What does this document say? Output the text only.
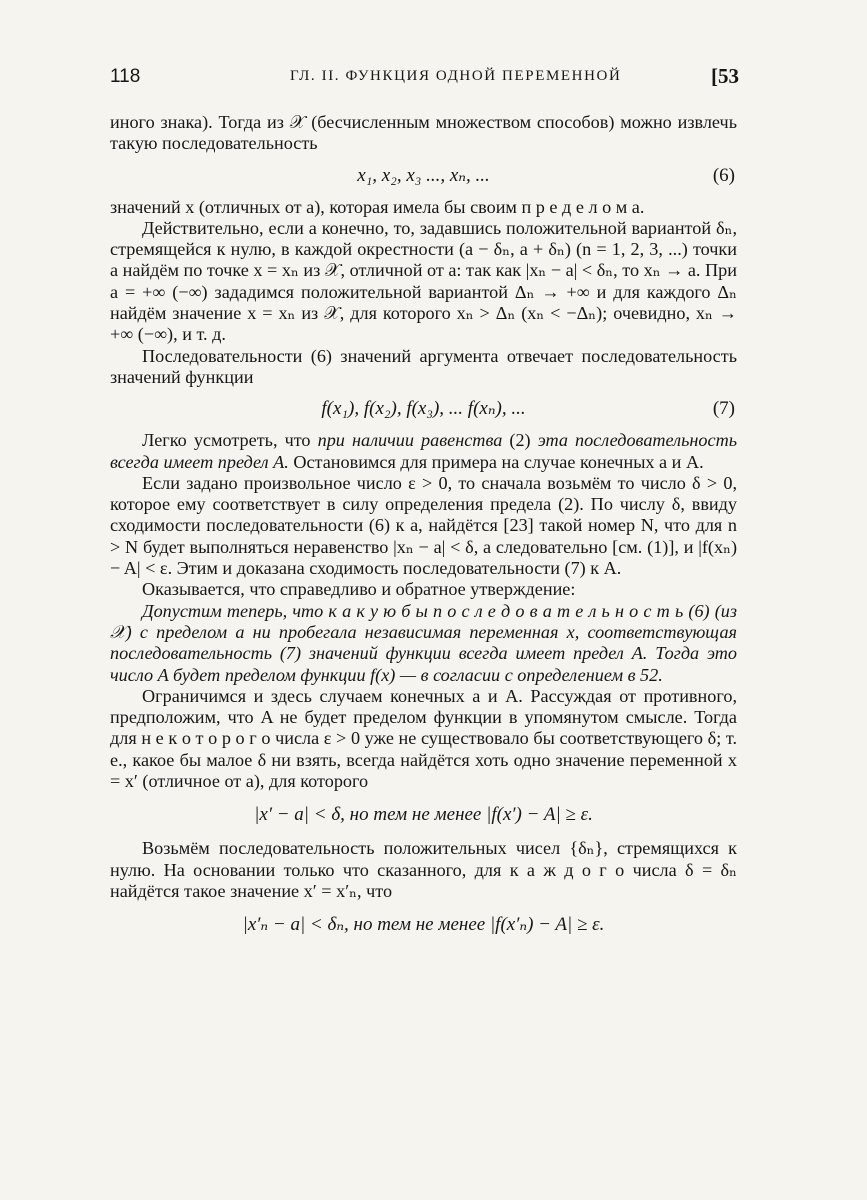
118	ГЛ. II. ФУНКЦИЯ ОДНОЙ ПЕРЕМЕННОЙ	[53

иного знака). Тогда из 𝒳 (бесчисленным множеством способов) можно извлечь такую последовательность

x₁, x₂, x₃ ..., xₙ, ...	(6)

значений x (отличных от a), которая имела бы своим п р е д е л о м a.

Действительно, если a конечно, то, задавшись положительной вариантой δₙ, стремящейся к нулю, в каждой окрестности (a − δₙ, a + δₙ) (n = 1, 2, 3, ...) точки a найдём по точке x = xₙ из 𝒳, отличной от a: так как |xₙ − a| < δₙ, то xₙ → a. При a = +∞ (−∞) зададимся положительной вариантой Δₙ → +∞ и для каждого Δₙ найдём значение x = xₙ из 𝒳, для которого xₙ > Δₙ (xₙ < −Δₙ); очевидно, xₙ → +∞ (−∞), и т. д.

Последовательности (6) значений аргумента отвечает последовательность значений функции

f(x₁), f(x₂), f(x₃), ... f(xₙ), ...	(7)

Легко усмотреть, что при наличии равенства (2) эта последовательность всегда имеет предел A. Остановимся для примера на случае конечных a и A.

Если задано произвольное число ε > 0, то сначала возьмём то число δ > 0, которое ему соответствует в силу определения предела (2). По числу δ, ввиду сходимости последовательности (6) к a, найдётся [23] такой номер N, что для n > N будет выполняться неравенство |xₙ − a| < δ, а следовательно [см. (1)], и |f(xₙ) − A| < ε. Этим и доказана сходимость последовательности (7) к A.

Оказывается, что справедливо и обратное утверждение:

Допустим теперь, что к а к у ю б ы п о с л е д о в а т е л ь н о с т ь (6) (из 𝒳) с пределом a ни пробегала независимая переменная x, соответствующая последовательность (7) значений функции всегда имеет предел A. Тогда это число A будет пределом функции f(x) — в согласии с определением в 52.

Ограничимся и здесь случаем конечных a и A. Рассуждая от противного, предположим, что A не будет пределом функции в упомянутом смысле. Тогда для н е к о т о р о г о числа ε > 0 уже не существовало бы соответствующего δ; т. е., какое бы малое δ ни взять, всегда найдётся хоть одно значение переменной x = x′ (отличное от a), для которого

|x′ − a| < δ, но тем не менее |f(x′) − A| ≥ ε.

Возьмём последовательность положительных чисел {δₙ}, стремящихся к нулю. На основании только что сказанного, для к а ж д о г о числа δ = δₙ найдётся такое значение x′ = x′ₙ, что

|x′ₙ − a| < δₙ, но тем не менее |f(x′ₙ) − A| ≥ ε.
